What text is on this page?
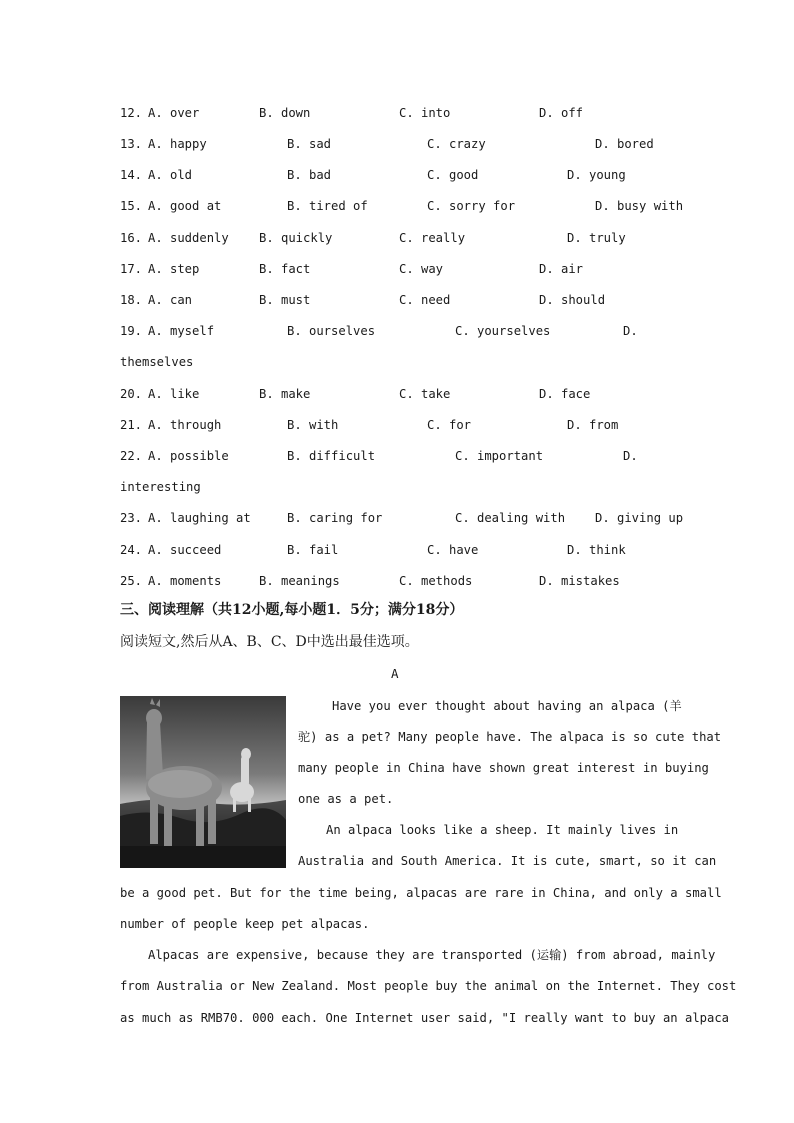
12. A. over	B. down	C. into	D. off
13. A. happy	B. sad	C. crazy	D. bored
14. A. old	B. bad	C. good	D. young
15. A. good at	B. tired of	C. sorry for	D. busy with
16. A. suddenly B. quickly	C. really	D. truly
17. A. step	B. fact	C. way	D. air
18. A. can	B. must	C. need	D. should
19. A. myself	B. ourselves	C. yourselves	D.
themselves
20. A. like	B. make	C. take	D. face
21. A. through	B. with	C. for	D. from
22. A. possible	B. difficult	C. important	D.
interesting
23. A. laughing at	B. caring for	C. dealing with D. giving up
24. A. succeed	B. fail	C. have	D. think
25. A. moments	B. meanings	C. methods	D. mistakes
三、阅读理解（共12小题,每小题1．5分；满分18分）
阅读短文,然后从A、B、C、D中选出最佳选项。
A
Have you ever thought about having an alpaca (羊
驼) as a pet? Many people have. The alpaca is so cute that
many people in China have shown great interest in buying
one as a pet.
An alpaca looks like a sheep. It mainly lives in
Australia and South America. It is cute, smart, so it can
be a good pet. But for the time being, alpacas are rare in China, and only a small
number of people keep pet alpacas.
Alpacas are expensive, because they are transported (运输) from abroad, mainly
from Australia or New Zealand. Most people buy the animal on the Internet. They cost
as much as RMB70. 000 each. One Internet user said, "I really want to buy an alpaca
